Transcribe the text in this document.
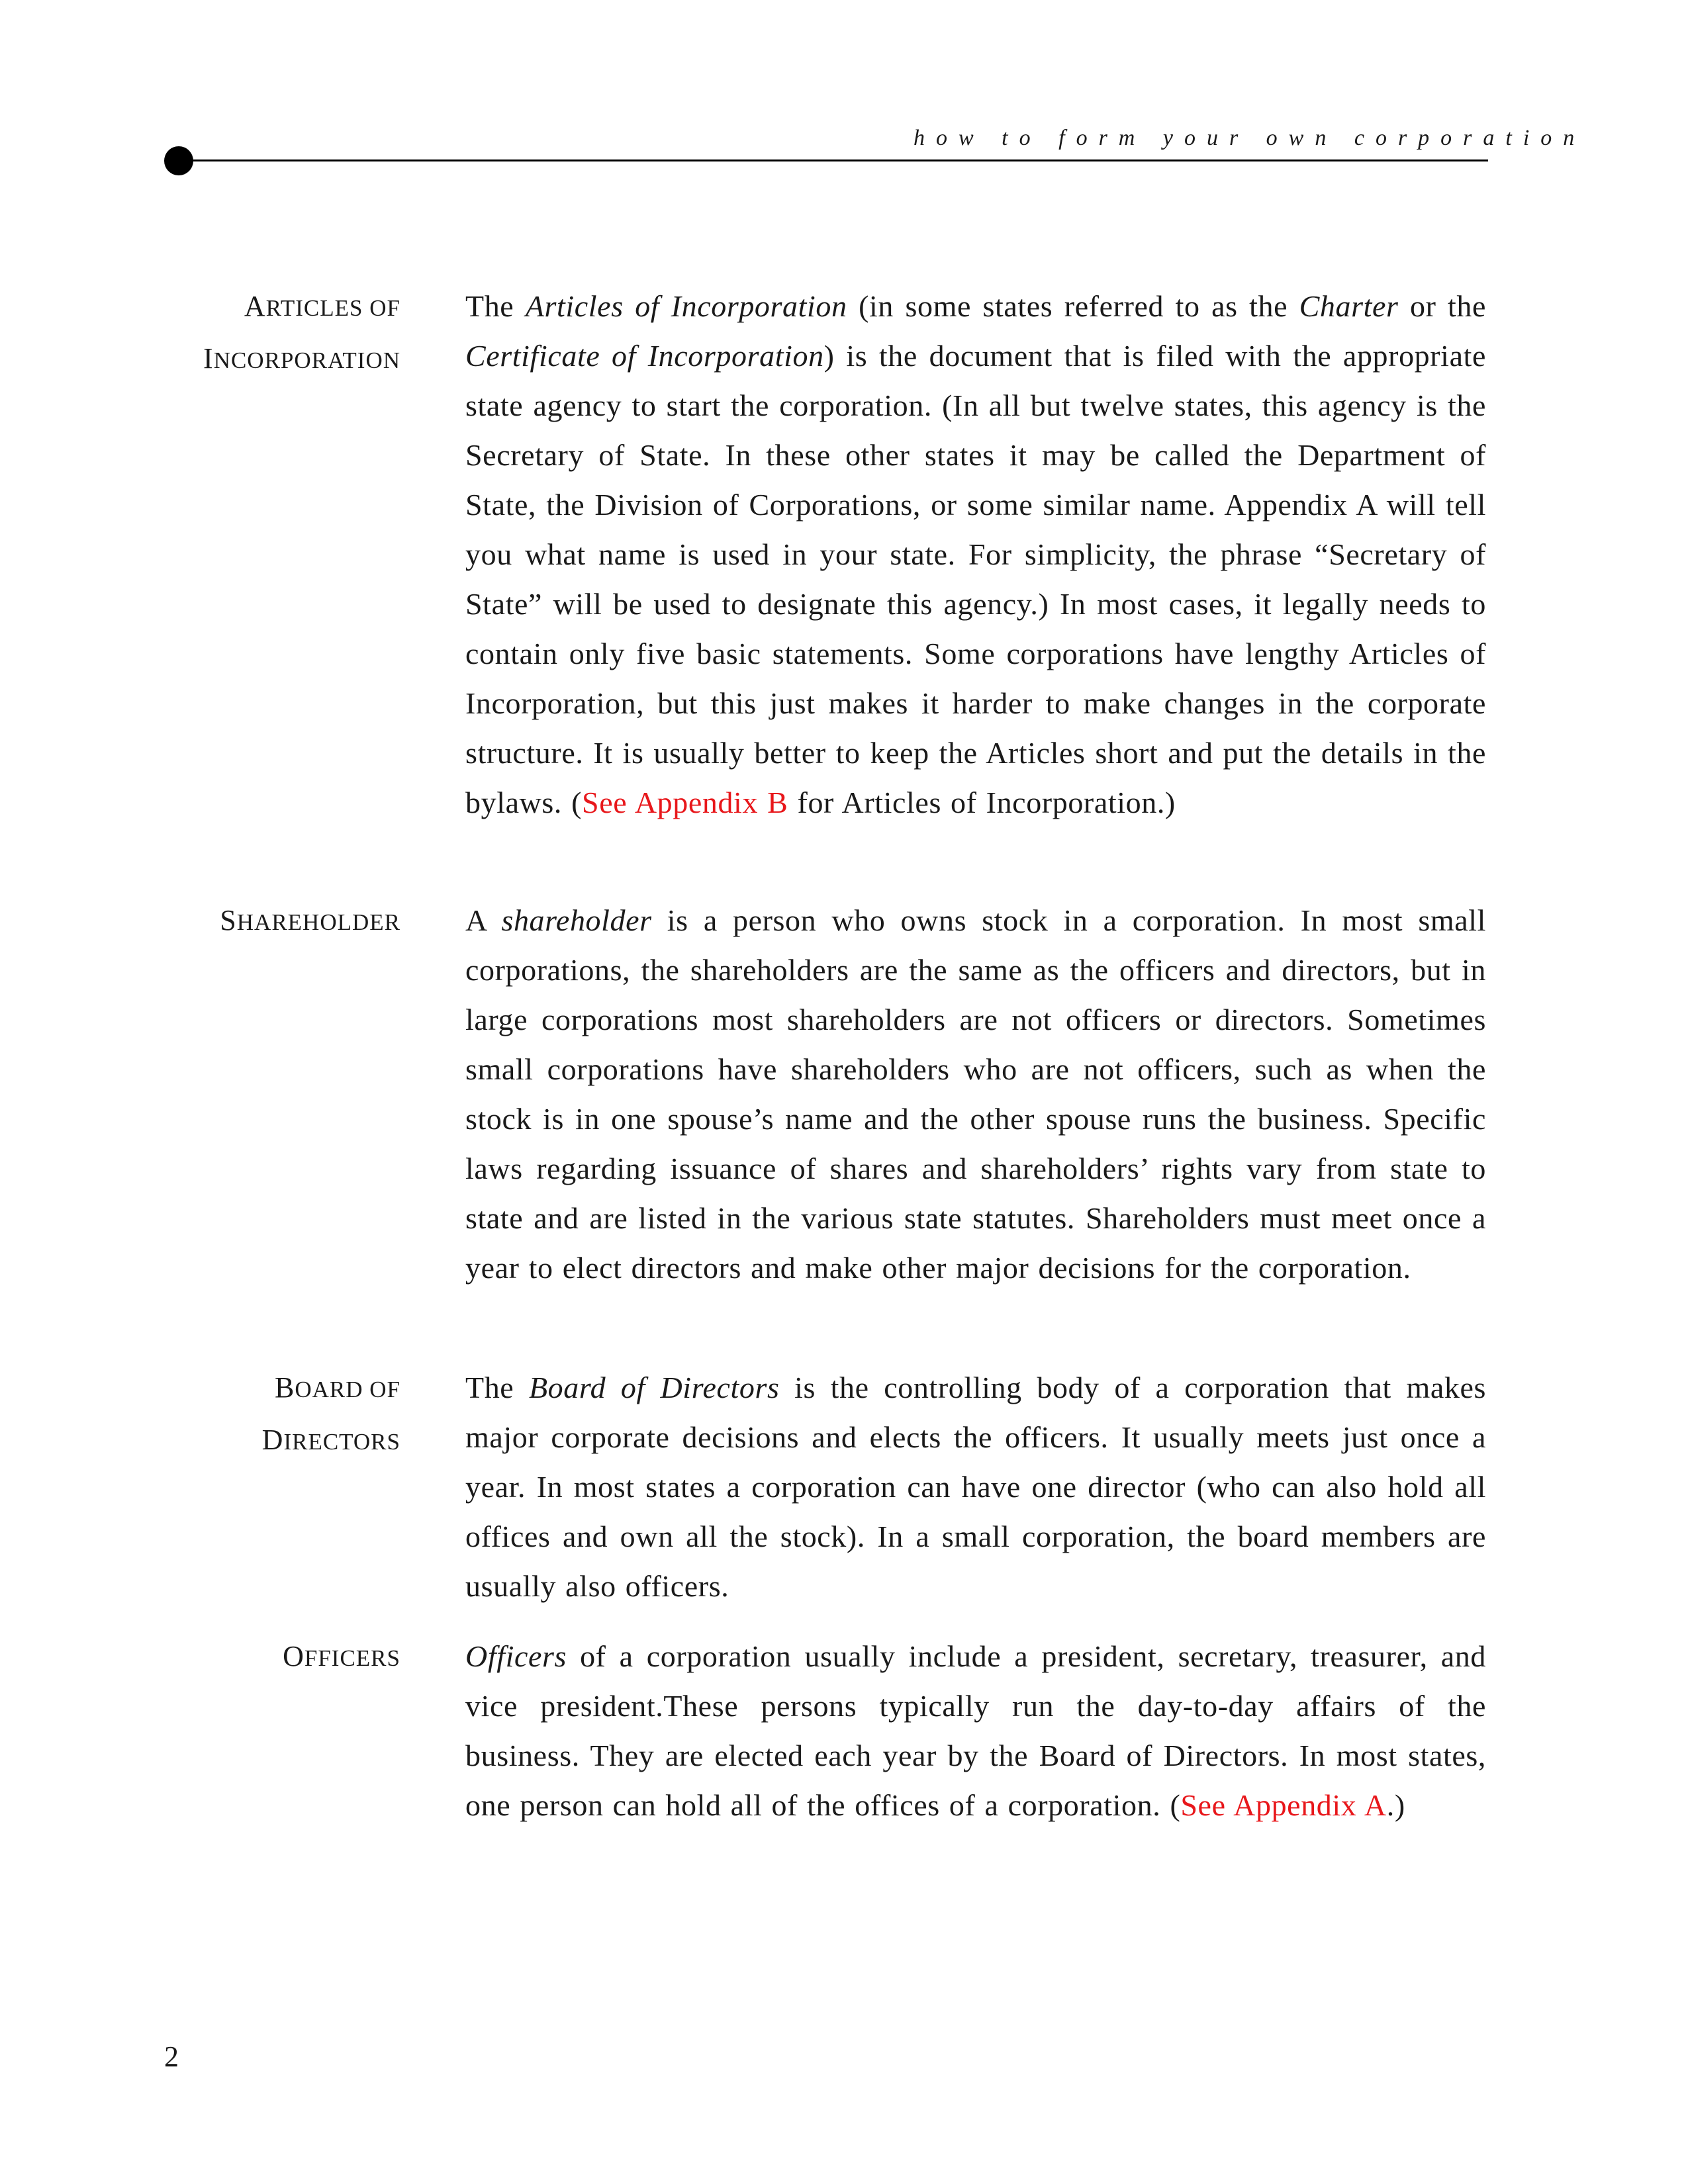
how to form your own corporation
ARTICLES OF
INCORPORATION

The Articles of Incorporation (in some states referred to as the Charter or the Certificate of Incorporation) is the document that is filed with the appropriate state agency to start the corporation. (In all but twelve states, this agency is the Secretary of State. In these other states it may be called the Department of State, the Division of Corporations, or some similar name. Appendix A will tell you what name is used in your state. For simplicity, the phrase “Secretary of State” will be used to designate this agency.) In most cases, it legally needs to contain only five basic statements. Some corporations have lengthy Articles of Incorporation, but this just makes it harder to make changes in the corporate structure. It is usually better to keep the Articles short and put the details in the bylaws. (See Appendix B for Articles of Incorporation.)

SHAREHOLDER A shareholder is a person who owns stock in a corporation. In most small corporations, the shareholders are the same as the officers and directors, but in large corporations most shareholders are not officers or directors. Sometimes small corporations have shareholders who are not officers, such as when the stock is in one spouse’s name and the other spouse runs the business. Specific laws regarding issuance of shares and shareholders’ rights vary from state to state and are listed in the various state statutes. Shareholders must meet once a year to elect directors and make other major decisions for the corporation.

BOARD OF
DIRECTORS

The Board of Directors is the controlling body of a corporation that makes major corporate decisions and elects the officers. It usually meets just once a year. In most states a corporation can have one director (who can also hold all offices and own all the stock). In a small corporation, the board members are usually also officers.

OFFICERS Officers of a corporation usually include a president, secretary, treasurer, and vice president.These persons typically run the day-to-day affairs of the business. They are elected each year by the Board of Directors. In most states, one person can hold all of the offices of a corporation. (See Appendix A.)

2
